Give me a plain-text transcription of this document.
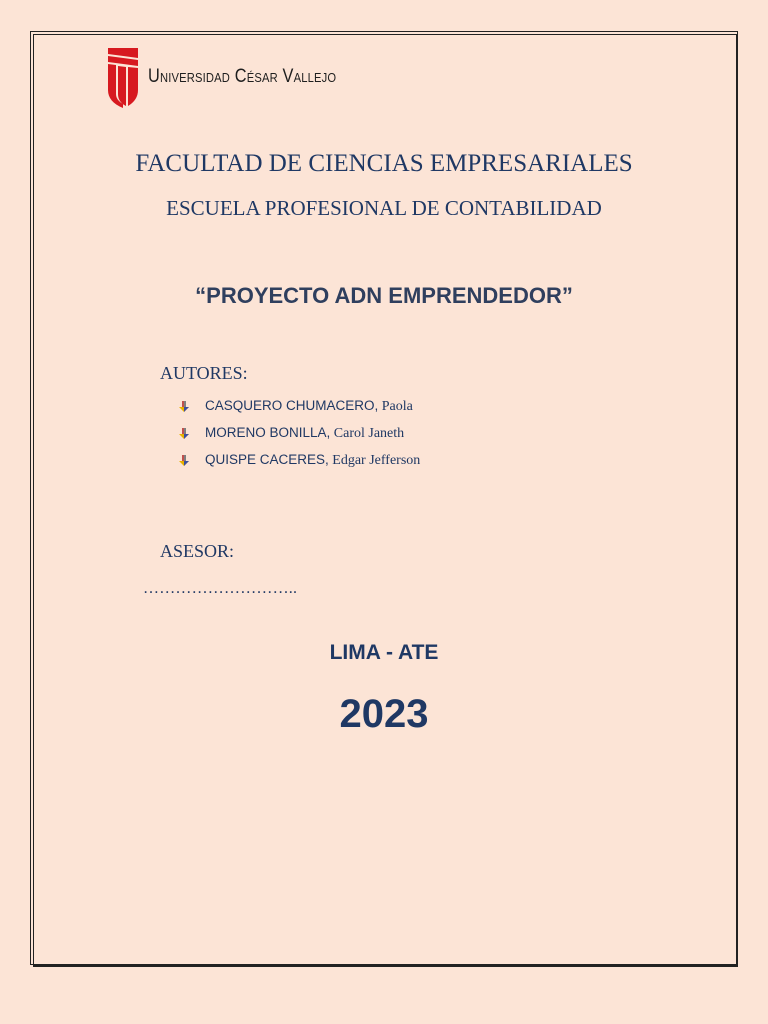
Universidad César Vallejo
FACULTAD DE CIENCIAS EMPRESARIALES
ESCUELA PROFESIONAL DE CONTABILIDAD
“PROYECTO ADN EMPRENDEDOR”
AUTORES:
CASQUERO CHUMACERO, Paola
MORENO BONILLA, Carol Janeth
QUISPE CACERES, Edgar Jefferson
ASESOR:
………………………..
LIMA - ATE
2023
